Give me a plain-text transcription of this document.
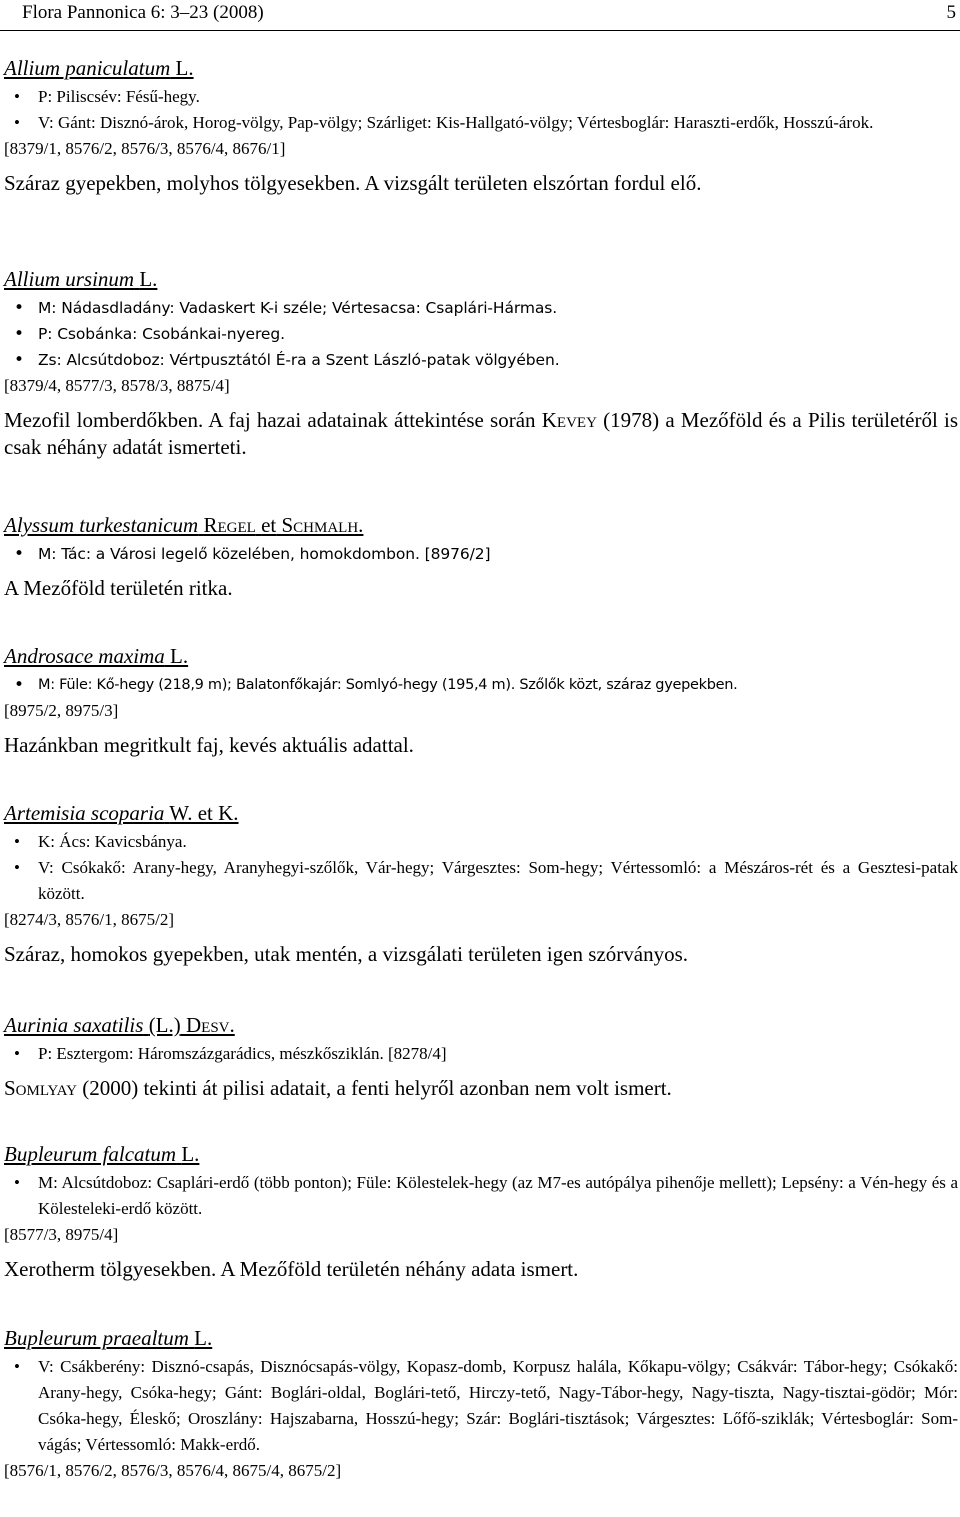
Flora Pannonica 6: 3–23 (2008)	5
Allium paniculatum L.
• P: Piliscsév: Fésű-hegy.
• V: Gánt: Disznó-árok, Horog-völgy, Pap-völgy; Szárliget: Kis-Hallgató-völgy; Vértesboglár: Haraszti-erdők, Hosszú-árok.
[8379/1, 8576/2, 8576/3, 8576/4, 8676/1]
Száraz gyepekben, molyhos tölgyesekben. A vizsgált területen elszórtan fordul elő.
Allium ursinum L.
• M: Nádasdladány: Vadaskert K-i széle; Vértesacsa: Csaplári-Hármas.
• P: Csobánka: Csobánkai-nyereg.
• Zs: Alcsútdoboz: Vértpusztától É-ra a Szent László-patak völgyében.
[8379/4, 8577/3, 8578/3, 8875/4]
Mezofil lomberdőkben. A faj hazai adatainak áttekintése során Kevey (1978) a Mezőföld és a Pilis területéről is csak néhány adatát ismerteti.
Alyssum turkestanicum Regel et Schmalh.
• M: Tác: a Városi legelő közelében, homokdombon. [8976/2]
A Mezőföld területén ritka.
Androsace maxima L.
• M: Füle: Kő-hegy (218,9 m); Balatonfőkajár: Somlyó-hegy (195,4 m). Szőlők közt, száraz gyepekben.
[8975/2, 8975/3]
Hazánkban megritkult faj, kevés aktuális adattal.
Artemisia scoparia W. et K.
• K: Ács: Kavicsbánya.
• V: Csókakő: Arany-hegy, Aranyhegyi-szőlők, Vár-hegy; Várgesztes: Som-hegy; Vértessomló: a Mészáros-rét és a Gesztesi-patak között.
[8274/3, 8576/1, 8675/2]
Száraz, homokos gyepekben, utak mentén, a vizsgálati területen igen szórványos.
Aurinia saxatilis (L.) Desv.
• P: Esztergom: Háromszázgarádics, mészkősziklán. [8278/4]
Somlyay (2000) tekinti át pilisi adatait, a fenti helyről azonban nem volt ismert.
Bupleurum falcatum L.
• M: Alcsútdoboz: Csaplári-erdő (több ponton); Füle: Kölestelek-hegy (az M7-es autópálya pihenője mellett); Lepsény: a Vén-hegy és a Kölesteleki-erdő között.
[8577/3, 8975/4]
Xerotherm tölgyesekben. A Mezőföld területén néhány adata ismert.
Bupleurum praealtum L.
• V: Csákberény: Disznó-csapás, Disznócsapás-völgy, Kopasz-domb, Korpusz halála, Kőkapu-völgy; Csákvár: Tábor-hegy; Csókakő: Arany-hegy, Csóka-hegy; Gánt: Boglári-oldal, Boglári-tető, Hirczy-tető, Nagy-Tábor-hegy, Nagy-tiszta, Nagy-tisztai-gödör; Mór: Csóka-hegy, Éleskő; Oroszlány: Hajszabarna, Hosszú-hegy; Szár: Boglári-tisztások; Várgesztes: Lőfő-sziklák; Vértesboglár: Som-vágás; Vértessomló: Makk-erdő.
[8576/1, 8576/2, 8576/3, 8576/4, 8675/4, 8675/2]
